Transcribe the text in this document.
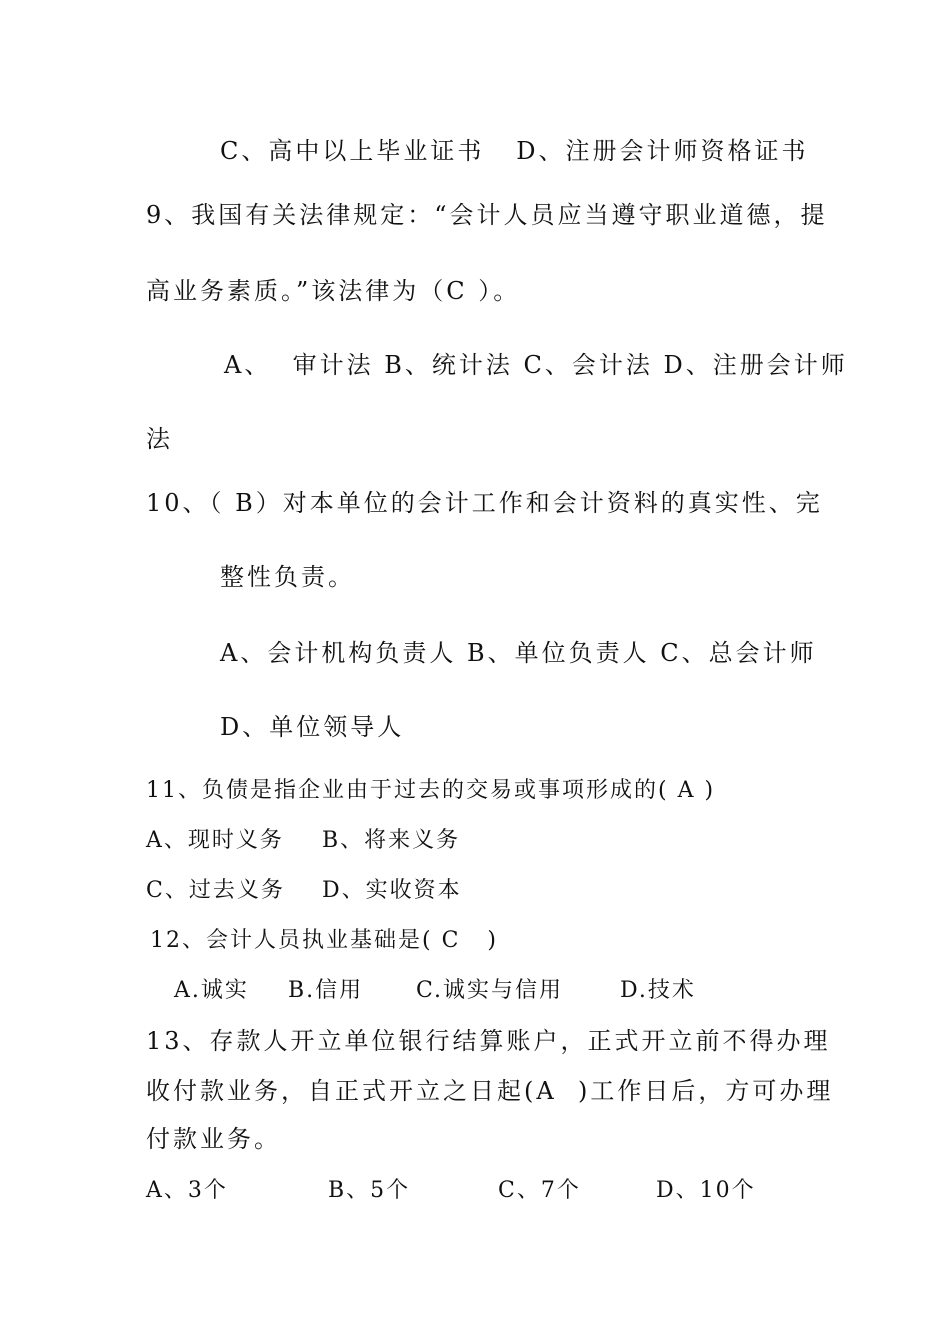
C、高中以上毕业证书   D、注册会计师资格证书
9、我国有关法律规定：“会计人员应当遵守职业道德，提
高业务素质。”该法律为（C ）。
A、  审计法 B、统计法 C、会计法 D、注册会计师
法
10、（ B）对本单位的会计工作和会计资料的真实性、完
整性负责。
A、会计机构负责人 B、单位负责人 C、总会计师
D、单位领导人
11、负债是指企业由于过去的交易或事项形成的( A )
A、现时义务 B、将来义务
C、过去义务 D、实收资本
12、会计人员执业基础是( C   )
A.诚实 B.信用 C.诚实与信用	D.技术
13、存款人开立单位银行结算账户，正式开立前不得办理
收付款业务，自正式开立之日起(A  )工作日后，方可办理
付款业务。
A、3个	B、5个	C、7个	D、10个
